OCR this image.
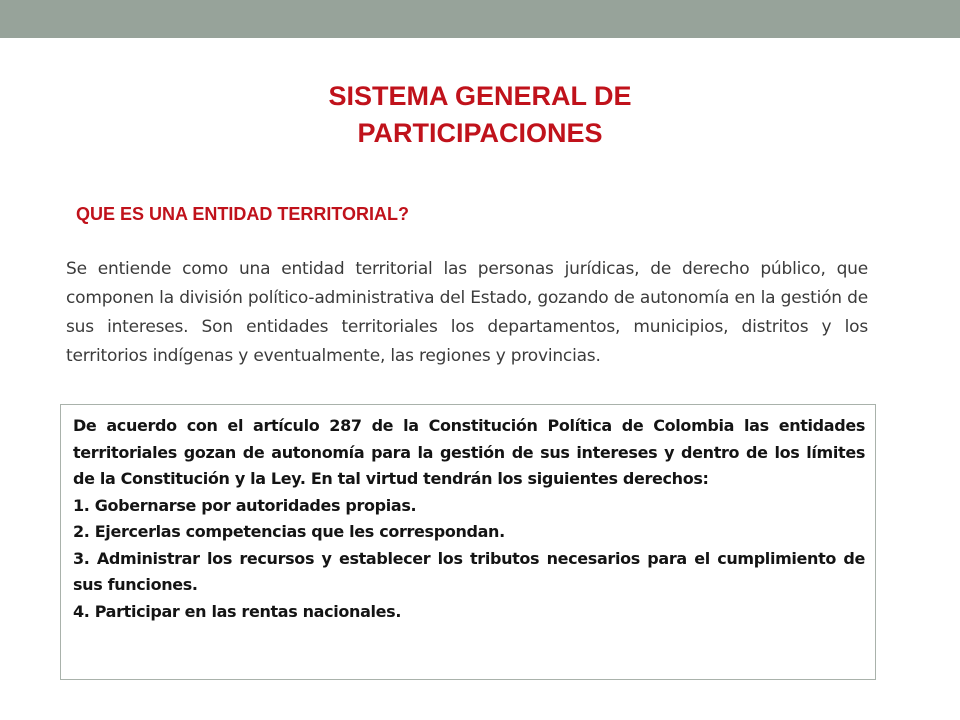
SISTEMA GENERAL DE
PARTICIPACIONES
QUE ES UNA ENTIDAD TERRITORIAL?

Se entiende como una entidad territorial las personas jurídicas, de derecho público, que componen la división político-administrativa del Estado, gozando de autonomía en la gestión de sus intereses. Son entidades territoriales los departamentos, municipios, distritos y los territorios indígenas y eventualmente, las regiones y provincias.

De acuerdo con el artículo 287 de la Constitución Política de Colombia las entidades territoriales gozan de autonomía para la gestión de sus intereses y dentro de los límites de la Constitución y la Ley. En tal virtud tendrán los siguientes derechos:

1. Gobernarse por autoridades propias.
2. Ejercerlas competencias que les correspondan.
3. Administrar los recursos y establecer los tributos necesarios para el cumplimiento de sus funciones.
4. Participar en las rentas nacionales.
